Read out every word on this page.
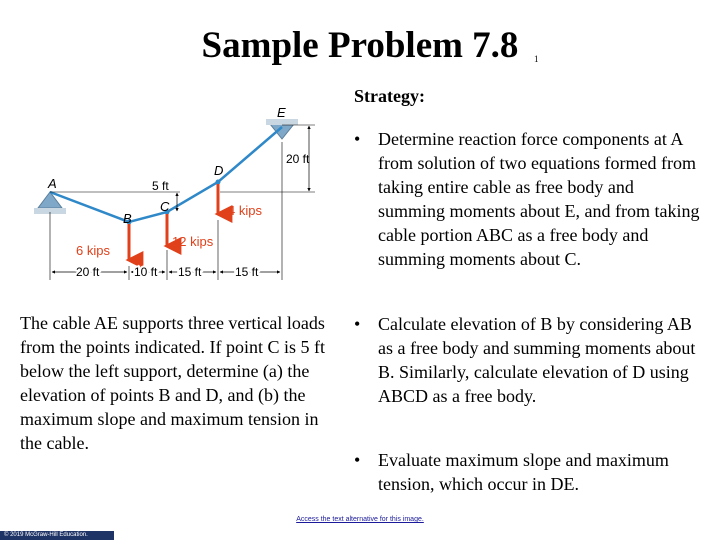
Sample Problem 7.8	1
Strategy:
• Determine reaction force components at A from solution of two equations formed from taking entire cable as free body and summing moments about E, and from taking cable portion ABC as a free body and summing moments about C.
• Calculate elevation of B by considering AB as a free body and summing moments about B. Similarly, calculate elevation of D using ABCD as a free body.
• Evaluate maximum slope and maximum tension, which occur in DE.
The cable AE supports three vertical loads from the points indicated. If point C is 5 ft below the left support, determine (a) the elevation of points B and D, and (b) the maximum slope and maximum tension in the cable.
A
B
C
D
E
6 kips
12 kips
4 kips
5 ft
20 ft
20 ft	10 ft 15 ft	15 ft
Access the text alternative for this image.
© 2019 McGraw-Hill Education.
